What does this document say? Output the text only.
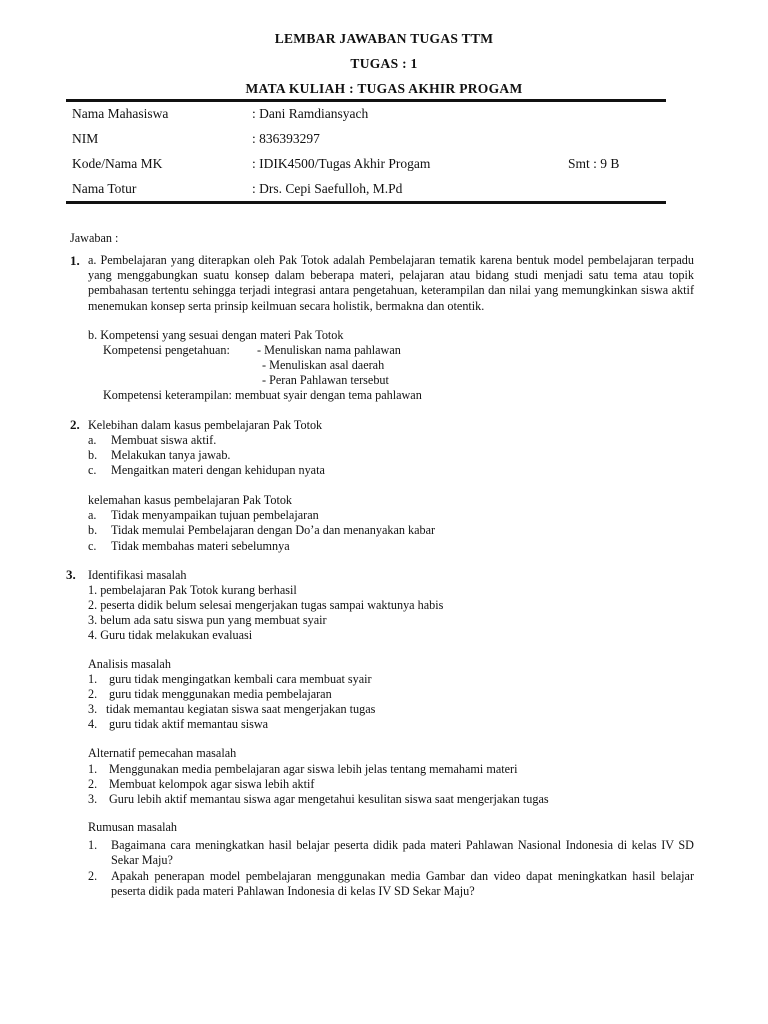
LEMBAR JAWABAN TUGAS TTM
TUGAS : 1
MATA KULIAH : TUGAS AKHIR PROGAM
Nama Mahasiswa	: Dani Ramdiansyach
NIM	: 836393297
Kode/Nama MK	: IDIK4500/Tugas Akhir Progam	Smt : 9 B
Nama Totur	: Drs. Cepi Saefulloh, M.Pd
Jawaban :
1. a. Pembelajaran yang diterapkan oleh Pak Totok adalah Pembelajaran tematik karena bentuk model pembelajaran terpadu yang menggabungkan suatu konsep dalam beberapa materi, pelajaran atau bidang studi menjadi satu tema atau topik pembahasan tertentu sehingga terjadi integrasi antara pengetahuan, keterampilan dan nilai yang memungkinkan siswa aktif menemukan konsep serta prinsip keilmuan secara holistik, bermakna dan otentik.
b. Kompetensi yang sesuai dengan materi Pak Totok
Kompetensi pengetahuan: - Menuliskan nama pahlawan
- Menuliskan asal daerah
- Peran Pahlawan tersebut
Kompetensi keterampilan: membuat syair dengan tema pahlawan
2. Kelebihan dalam kasus pembelajaran Pak Totok
a. Membuat siswa aktif.
b. Melakukan tanya jawab.
c. Mengaitkan materi dengan kehidupan nyata
kelemahan kasus pembelajaran Pak Totok
a. Tidak menyampaikan tujuan pembelajaran
b. Tidak memulai Pembelajaran dengan Do’a dan menanyakan kabar
c. Tidak membahas materi sebelumnya
3. Identifikasi masalah
1. pembelajaran Pak Totok kurang berhasil
2. peserta didik belum selesai mengerjakan tugas sampai waktunya habis
3. belum ada satu siswa pun yang membuat syair
4. Guru tidak melakukan evaluasi
Analisis masalah
1. guru tidak mengingatkan kembali cara membuat syair
2. guru tidak menggunakan media pembelajaran
3. tidak memantau kegiatan siswa saat mengerjakan tugas
4. guru tidak aktif memantau siswa
Alternatif pemecahan masalah
1. Menggunakan media pembelajaran agar siswa lebih jelas tentang memahami materi
2. Membuat kelompok agar siswa lebih aktif
3. Guru lebih aktif memantau siswa agar mengetahui kesulitan siswa saat mengerjakan tugas
Rumusan masalah
1. Bagaimana cara meningkatkan hasil belajar peserta didik pada materi Pahlawan Nasional Indonesia di kelas IV SD Sekar Maju?
2. Apakah penerapan model pembelajaran menggunakan media Gambar dan video dapat meningkatkan hasil belajar peserta didik pada materi Pahlawan Indonesia di kelas IV SD Sekar Maju?
